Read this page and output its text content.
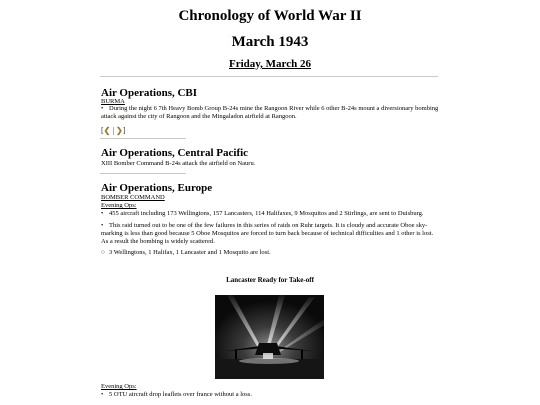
Chronology of World War II
March 1943
Friday, March 26
Air Operations, CBI
BURMA
• During the night 6 7th Heavy Bomb Group B-24s mine the Rangoon River while 6 other B-24s mount a diversionary bombing attack against the city of Rangoon and the Mingaladon airfield at Rangoon.
[❮ | ❯]
Air Operations, Central Pacific
XIII Bomber Command B-24s attack the airfield on Nauru.
Air Operations, Europe
BOMBER COMMAND
Evening Ops:
• 455 aircraft including 173 Wellingtons, 157 Lancasters, 114 Halifaxes, 9 Mosquitos and 2 Stirlings, are sent to Duisburg.
• This raid turned out to be one of the few failures in this series of raids on Ruhr targets. It is cloudy and accurate Oboe sky-marking is less than good because 5 Oboe Mosquitos are forced to turn back because of technical difficulties and 1 other is lost. As a result the bombing is widely scattered.
○ 3 Wellingtons, 1 Halifax, 1 Lancaster and 1 Mosquito are lost.
Lancaster Ready for Take-off
Evening Ops:
• 5 OTU aircraft drop leaflets over france without a loss.
